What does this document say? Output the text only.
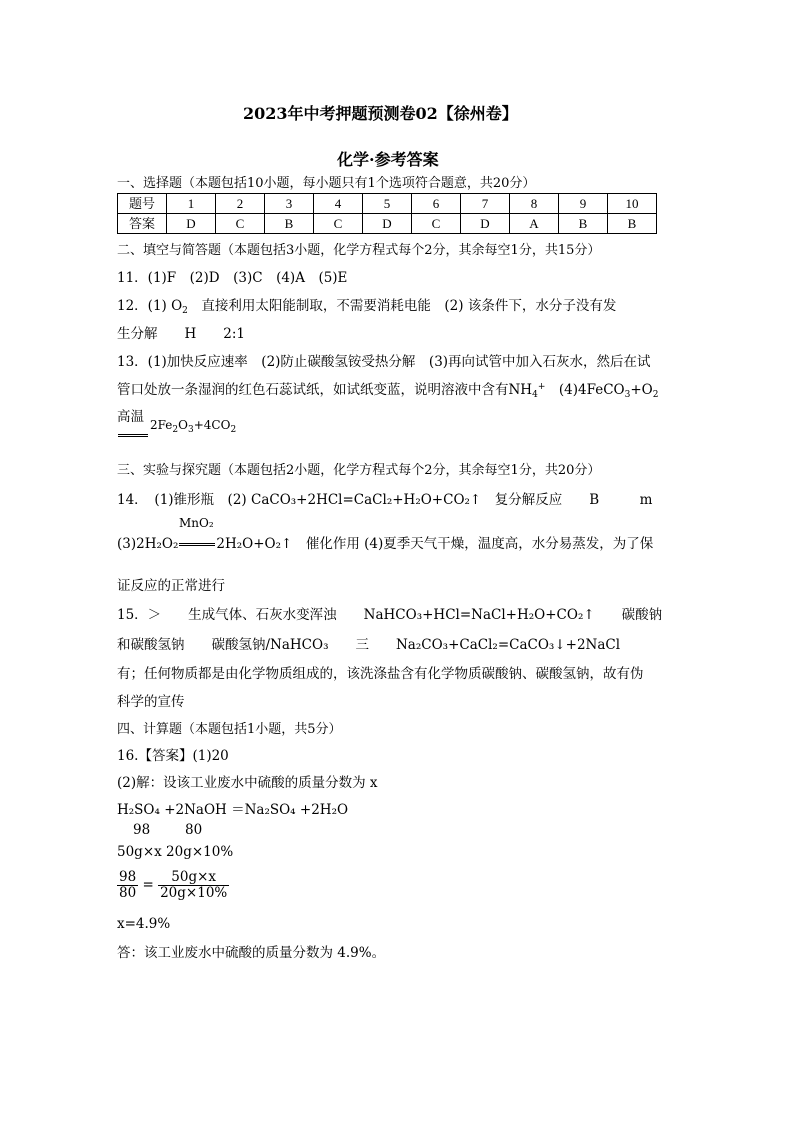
2023年中考押题预测卷02【徐州卷】
化学·参考答案
一、选择题（本题包括10小题，每小题只有1个选项符合题意，共20分）
题号	1	2	3	4	5	6	7	8	9	10
答案	D	C	B	C	D	C	D	A	B	B
二、填空与简答题（本题包括3小题，化学方程式每个2分，其余每空1分，共15分）
11．(1)F　(2)D　(3)C　(4)A　(5)E
12．(1) $O_2$　直接利用太阳能制取，不需要消耗电能　(2) 该条件下，水分子没有发
生分解　　H　　2:1
13．(1)加快反应速率　(2)防止碳酸氢铵受热分解　(3)再向试管中加入石灰水，然后在试
管口处放一条湿润的红色石蕊试纸，如试纸变蓝，说明溶液中含有$NH_4^+$　$(4)4FeCO_3+O_2$
高温 $2Fe_2O_3+4CO_2$
三、实验与探究题（本题包括2小题，化学方程式每个2分，其余每空1分，共20分）
14．　(1)锥形瓶　(2) CaCO₃+2HCl=CaCl₂+H₂O+CO₂↑　 复分解反应　　B　　　m
MnO₂
(3)2H₂O₂	2H₂O+O₂↑　催化作用 (4)夏季天气干燥，温度高，水分易蒸发，为了保
证反应的正常进行
15．＞　　生成气体、石灰水变浑浊　　NaHCO₃+HCl=NaCl+H₂O+CO₂↑　　碳酸钠
和碳酸氢钠　　碳酸氢钠/NaHCO₃　　三　　Na₂CO₃+CaCl₂=CaCO₃↓+2NaCl
有；任何物质都是由化学物质组成的，该洗涤盐含有化学物质碳酸钠、碳酸氢钠，故有伪
科学的宣传
四、计算题（本题包括1小题，共5分）
16.【答案】(1)20
(2)解：设该工业废水中硫酸的质量分数为 x
H₂SO₄ +2NaOH ＝Na₂SO₄ +2H₂O
98	80
50g×x 20g×10%
$\frac{98}{80} = \frac{50g\times x}{20g\times 10\%}$
x=4.9%
答：该工业废水中硫酸的质量分数为 4.9%。
